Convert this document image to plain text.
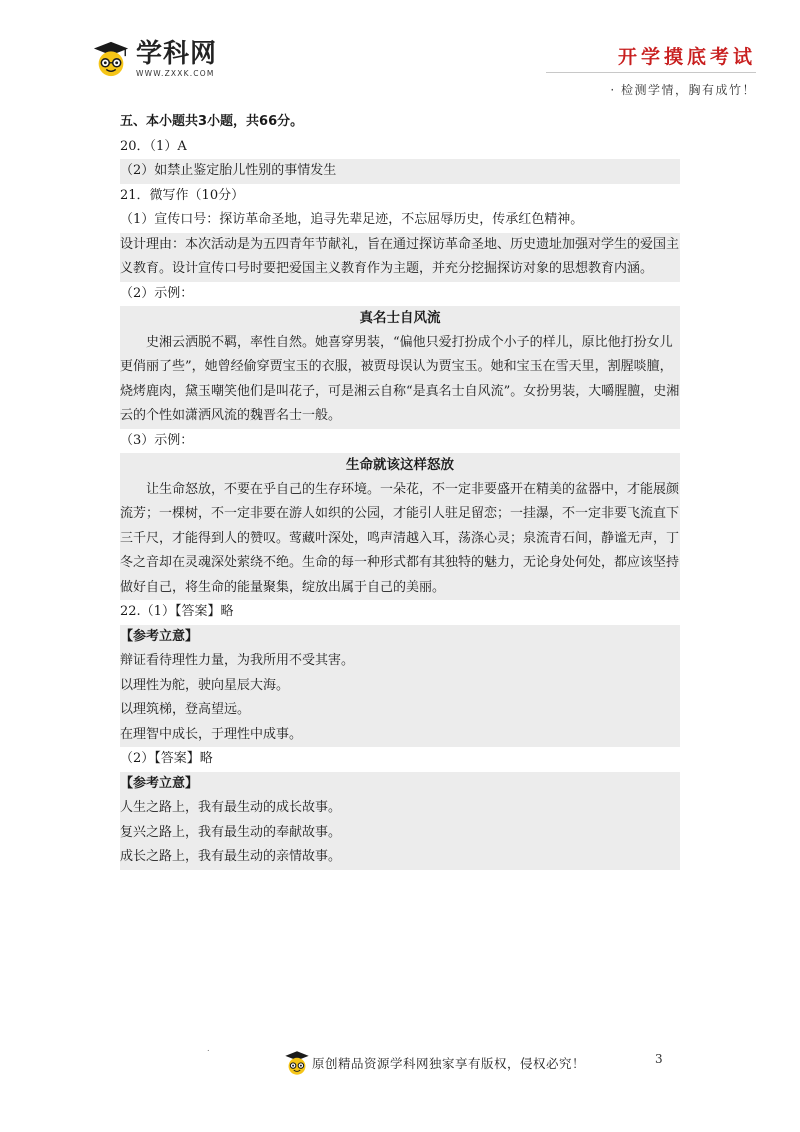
学科网
WWW.ZXXK.COM
开学摸底考试
· 检测学情，胸有成竹！
五、本小题共3小题，共66分。
20．（1）A
（2）如禁止鉴定胎儿性别的事情发生
21．微写作（10分）
（1）宣传口号：探访革命圣地，追寻先辈足迹，不忘屈辱历史，传承红色精神。
设计理由：本次活动是为五四青年节献礼，旨在通过探访革命圣地、历史遗址加强对学生的爱国主义教育。设计宣传口号时要把爱国主义教育作为主题，并充分挖掘探访对象的思想教育内涵。
（2）示例：
真名士自风流
史湘云洒脱不羁，率性自然。她喜穿男装，“偏他只爱打扮成个小子的样儿，原比他打扮女儿更俏丽了些”，她曾经偷穿贾宝玉的衣服，被贾母误认为贾宝玉。她和宝玉在雪天里，割腥啖膻，烧烤鹿肉，黛玉嘲笑他们是叫花子，可是湘云自称“是真名士自风流”。女扮男装，大嚼腥膻，史湘云的个性如潇洒风流的魏晋名士一般。
（3）示例：
生命就该这样怒放
让生命怒放，不要在乎自己的生存环境。一朵花，不一定非要盛开在精美的盆器中，才能展颜流芳；一棵树，不一定非要在游人如织的公园，才能引人驻足留恋；一挂瀑，不一定非要飞流直下三千尺，才能得到人的赞叹。莺藏叶深处，鸣声清越入耳，荡涤心灵；泉流青石间，静谧无声，丁冬之音却在灵魂深处萦绕不绝。生命的每一种形式都有其独特的魅力，无论身处何处，都应该坚持做好自己，将生命的能量聚集，绽放出属于自己的美丽。
22.（1）【答案】略
【参考立意】
辩证看待理性力量，为我所用不受其害。
以理性为舵，驶向星辰大海。
以理筑梯，登高望远。
在理智中成长，于理性中成事。
（2）【答案】略
【参考立意】
人生之路上，我有最生动的成长故事。
复兴之路上，我有最生动的奉献故事。
成长之路上，我有最生动的亲情故事。
.
原创精品资源学科网独家享有版权，侵权必究！	3
